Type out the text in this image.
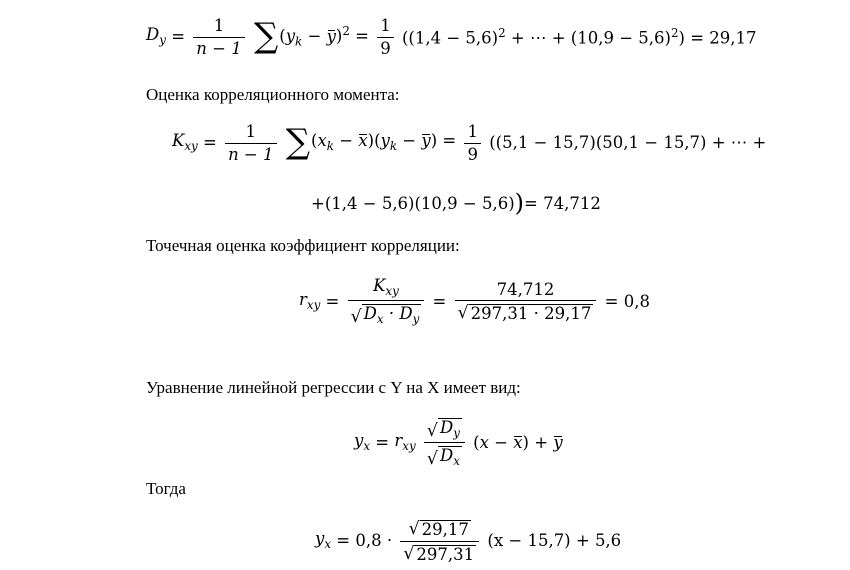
$D_y = \frac{1}{n - 1} \sum(y_k - y)^2 = \frac{1}{9} ((1,4 - 5,6)^2$ + ⋯ + $(10,9 - 5,6)^2) = 29,17$
Оценка корреляционного момента:
$K_{xy} = \frac{1}{n - 1} \sum(x_k - x)(y_k - y) = \frac{1}{9} ((5,1 - 15,7)(50,1 - 15,7)$ + ⋯ +
+(1,4 − 5,6)(10,9 − 5,6))= 74,712
Точечная оценка коэффициент корреляции:
$r_{xy} = \frac{K_{xy}}{√ D_x \cdot D_y} = \frac{74,712}{√ 297,31 \cdot 29,17} = 0,8$
Уравнение линейной регрессии с Y на X имеет вид:
$y_x = r_{xy} \frac{√ D_y}{√ D_x} (x - x) + y$
Тогда
$y_x = 0,8 \cdot \frac{√ 29,17}{√ 297,31} (x - 15,7) + 5,6$
